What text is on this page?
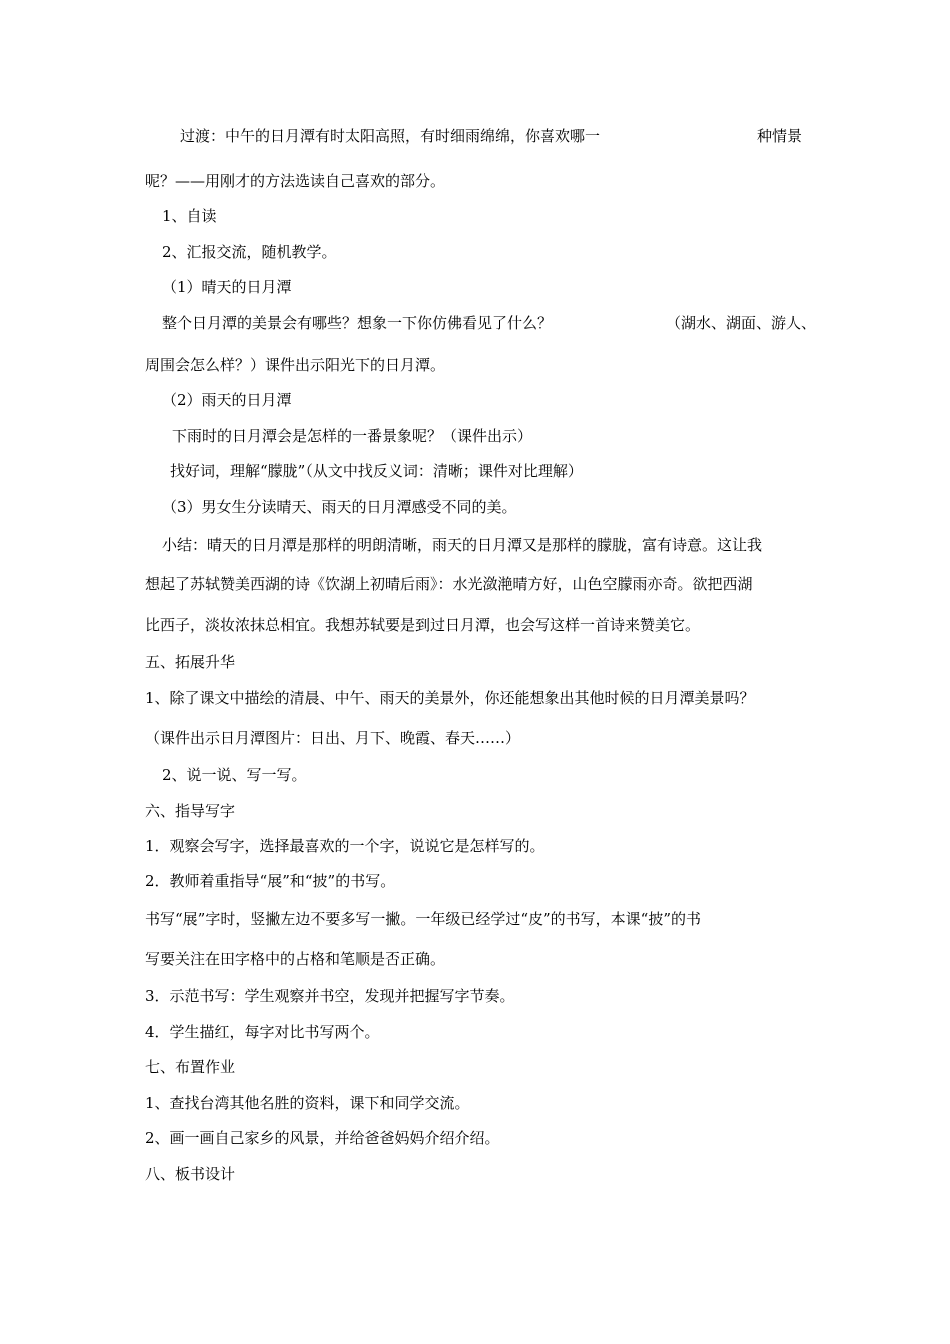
过渡：中午的日月潭有时太阳高照，有时细雨绵绵，你喜欢哪一	种情景
呢？——用刚才的方法选读自己喜欢的部分。
1、自读
2、汇报交流，随机教学。
（1）晴天的日月潭
整个日月潭的美景会有哪些？想象一下你仿佛看见了什么？	（湖水、湖面、游人、
周围会怎么样？）课件出示阳光下的日月潭。
（2）雨天的日月潭
下雨时的日月潭会是怎样的一番景象呢？（课件出示）
找好词，理解“朦胧”（从文中找反义词：清晰；课件对比理解）
（3）男女生分读晴天、雨天的日月潭感受不同的美。
小结：晴天的日月潭是那样的明朗清晰，雨天的日月潭又是那样的朦胧，富有诗意。这让我
想起了苏轼赞美西湖的诗《饮湖上初晴后雨》：水光潋滟晴方好，山色空朦雨亦奇。欲把西湖
比西子，淡妆浓抹总相宜。我想苏轼要是到过日月潭，也会写这样一首诗来赞美它。
五、拓展升华
1、除了课文中描绘的清晨、中午、雨天的美景外，你还能想象出其他时候的日月潭美景吗？
（课件出示日月潭图片：日出、月下、晚霞、春天……）
2、说一说、写一写。
六、指导写字
1．观察会写字，选择最喜欢的一个字，说说它是怎样写的。
2．教师着重指导“展”和“披”的书写。
书写“展”字时，竖撇左边不要多写一撇。一年级已经学过“皮”的书写，本课“披”的书
写要关注在田字格中的占格和笔顺是否正确。
3．示范书写：学生观察并书空，发现并把握写字节奏。
4．学生描红，每字对比书写两个。
七、布置作业
1、查找台湾其他名胜的资料，课下和同学交流。
2、画一画自己家乡的风景，并给爸爸妈妈介绍介绍。
八、板书设计
